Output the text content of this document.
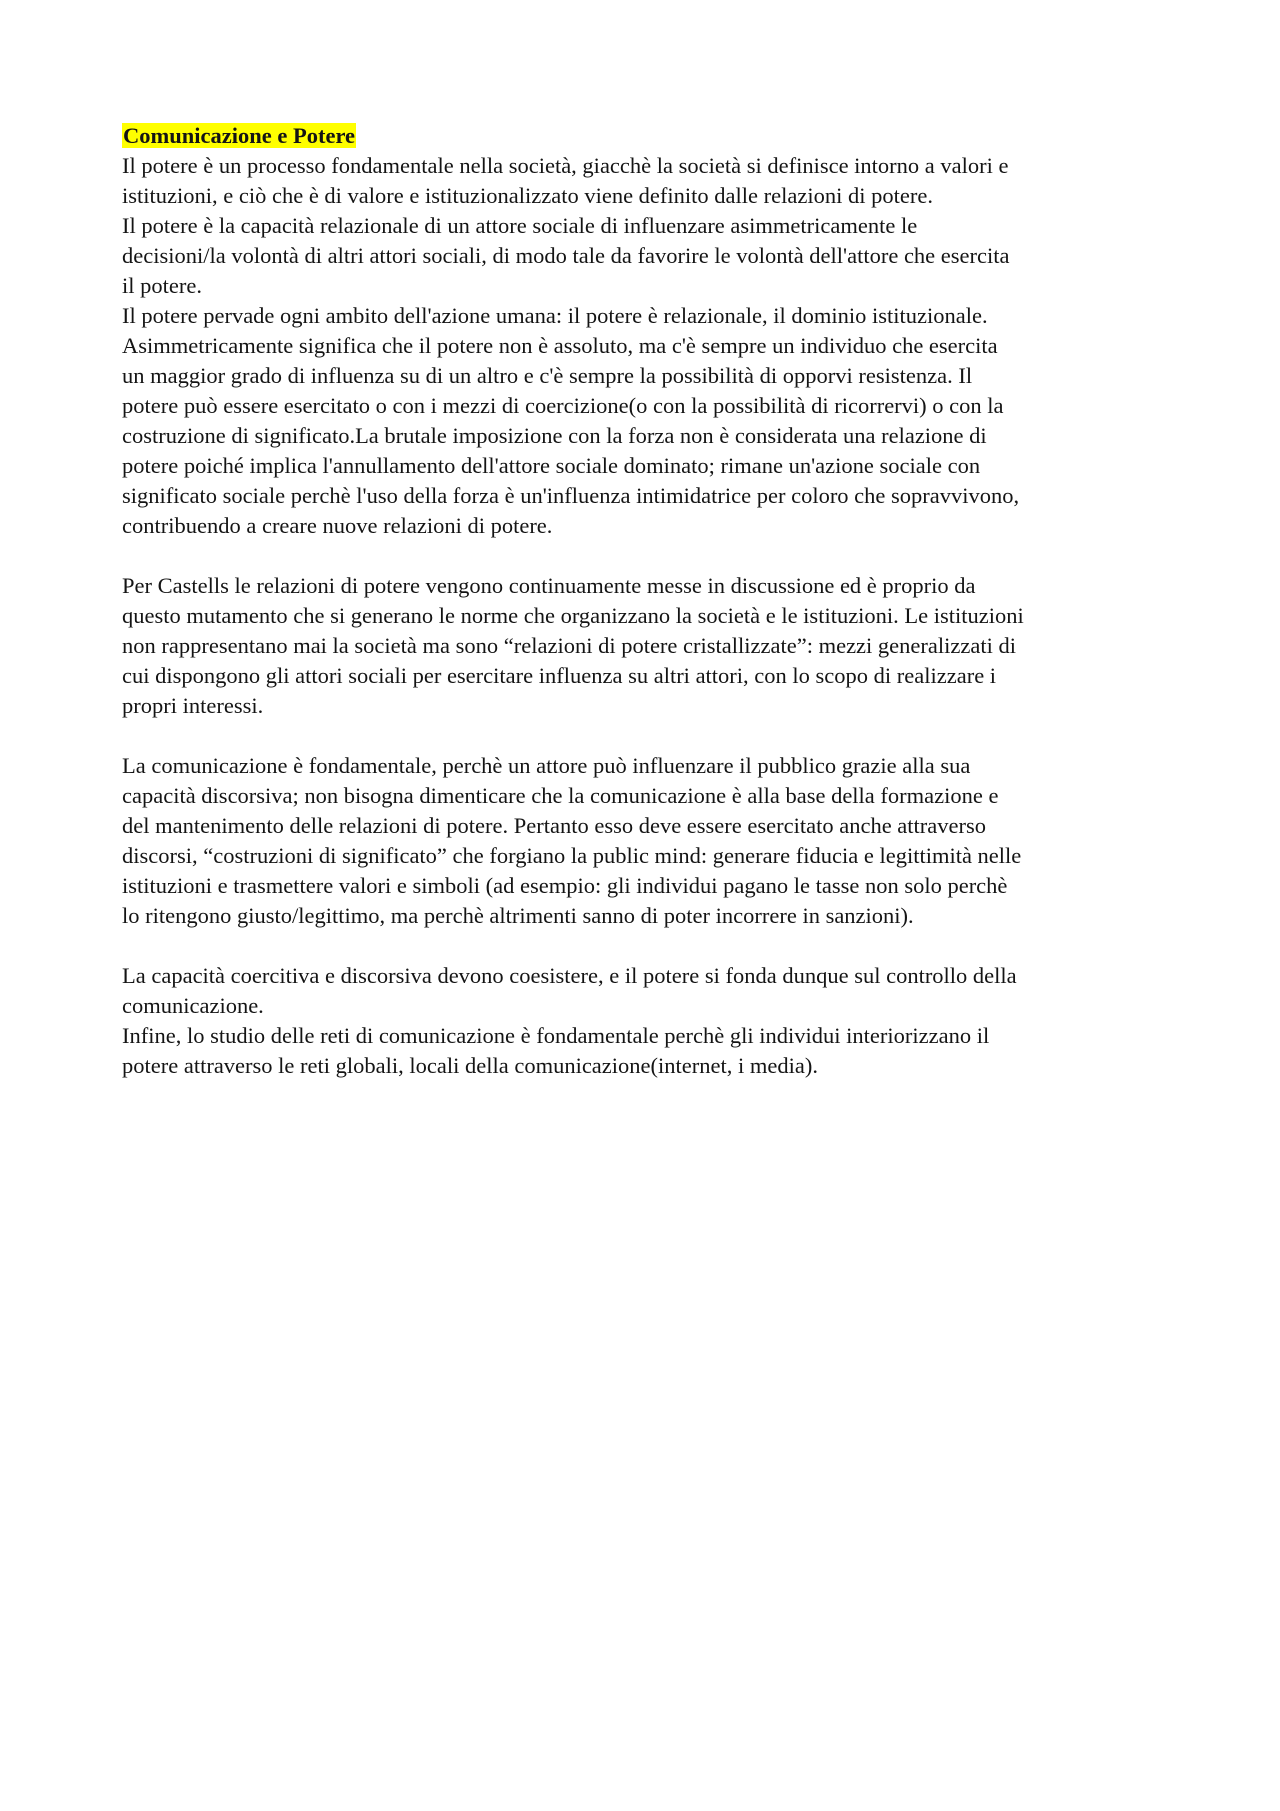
Comunicazione e Potere
Il potere è un processo fondamentale nella società, giacchè la società si definisce intorno a valori e
istituzioni, e ciò che è di valore e istituzionalizzato viene definito dalle relazioni di potere.
Il potere è la capacità relazionale di un attore sociale di influenzare asimmetricamente le
decisioni/la volontà di altri attori sociali, di modo tale da favorire le volontà dell'attore che esercita
il potere.
Il potere pervade ogni ambito dell'azione umana: il potere è relazionale, il dominio istituzionale.
Asimmetricamente significa che il potere non è assoluto, ma c'è sempre un individuo che esercita
un maggior grado di influenza su di un altro e c'è sempre la possibilità di opporvi resistenza. Il
potere può essere esercitato o con i mezzi di coercizione(o con la possibilità di ricorrervi) o con la
costruzione di significato.La brutale imposizione con la forza non è considerata una relazione di
potere poiché implica l'annullamento dell'attore sociale dominato; rimane un'azione sociale con
significato sociale perchè l'uso della forza è un'influenza intimidatrice per coloro che sopravvivono,
contribuendo a creare nuove relazioni di potere.
Per Castells le relazioni di potere vengono continuamente messe in discussione ed è proprio da
questo mutamento che si generano le norme che organizzano la società e le istituzioni. Le istituzioni
non rappresentano mai la società ma sono “relazioni di potere cristallizzate”: mezzi generalizzati di
cui dispongono gli attori sociali per esercitare influenza su altri attori, con lo scopo di realizzare i
propri interessi.
La comunicazione è fondamentale, perchè un attore può influenzare il pubblico grazie alla sua
capacità discorsiva; non bisogna dimenticare che la comunicazione è alla base della formazione e
del mantenimento delle relazioni di potere. Pertanto esso deve essere esercitato anche attraverso
discorsi, “costruzioni di significato” che forgiano la public mind: generare fiducia e legittimità nelle
istituzioni e trasmettere valori e simboli (ad esempio: gli individui pagano le tasse non solo perchè
lo ritengono giusto/legittimo, ma perchè altrimenti sanno di poter incorrere in sanzioni).
La capacità coercitiva e discorsiva devono coesistere, e il potere si fonda dunque sul controllo della
comunicazione.
Infine, lo studio delle reti di comunicazione è fondamentale perchè gli individui interiorizzano il
potere attraverso le reti globali, locali della comunicazione(internet, i media).
